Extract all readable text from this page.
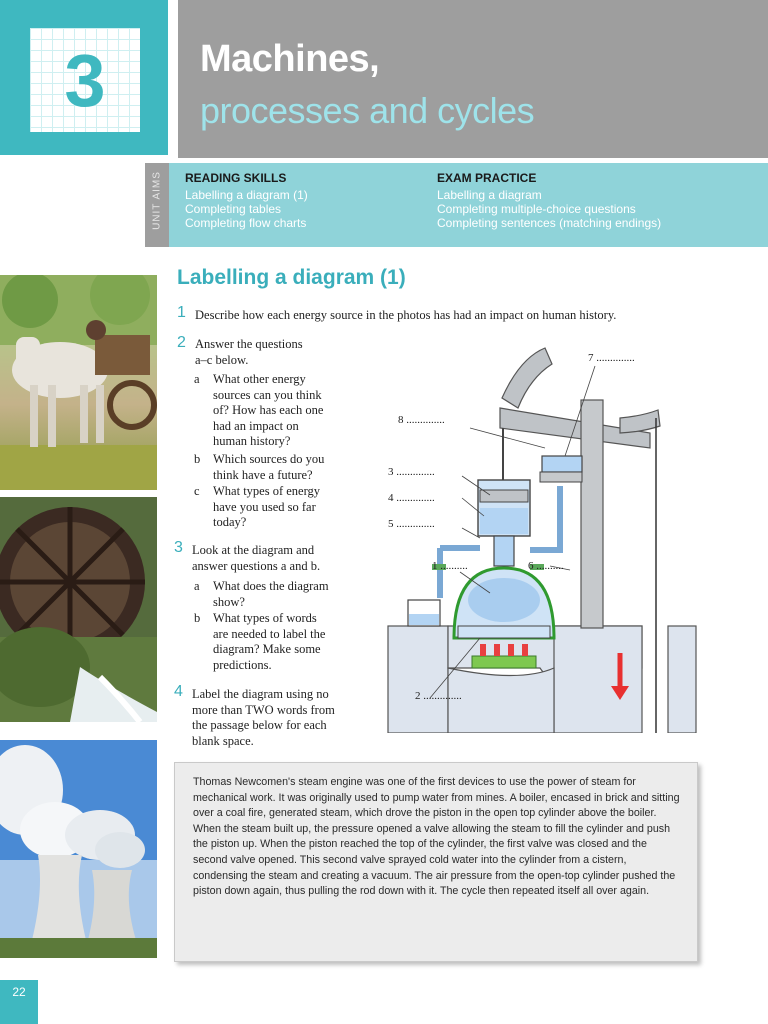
3	Machines,
processes and cycles
UNIT AIMS READING SKILLS
Labelling a diagram (1)
Completing tables
Completing flow charts
EXAM PRACTICE
Labelling a diagram
Completing multiple-choice questions
Completing sentences (matching endings)
Labelling a diagram (1)
1 Describe how each energy source in the photos has had an impact on human history.
2 Answer the questions
a–c below.
a What other energy
sources can you think
of? How has each one
had an impact on
human history?
b Which sources do you
think have a future?
c What types of energy
have you used so far
today?
3 Look at the diagram and
answer questions a and b.
a What does the diagram
show?
b What types of words
are needed to label the
diagram? Make some
predictions.
4 Label the diagram using no
more than TWO words from
the passage below for each
blank space.
8 ..............
7 ..............
3 ..............
4 ..............
5 ..............
1 ..........	6 ..........
2 ..............

Thomas Newcomen's steam engine was one of the first devices to use the power of steam for mechanical work. It was originally used to pump water from mines. A boiler, encased in brick and sitting over a coal fire, generated steam, which drove the piston in the open top cylinder above the boiler. When the steam built up, the pressure opened a valve allowing the steam to fill the cylinder and push the piston up. When the piston reached the top of the cylinder, the first valve was closed and the second valve opened. This second valve sprayed cold water into the cylinder from a cistern, condensing the steam and creating a vacuum. The air pressure from the open-top cylinder pushed the piston down again, thus pulling the rod down with it. The cycle then repeated itself all over again.

22
